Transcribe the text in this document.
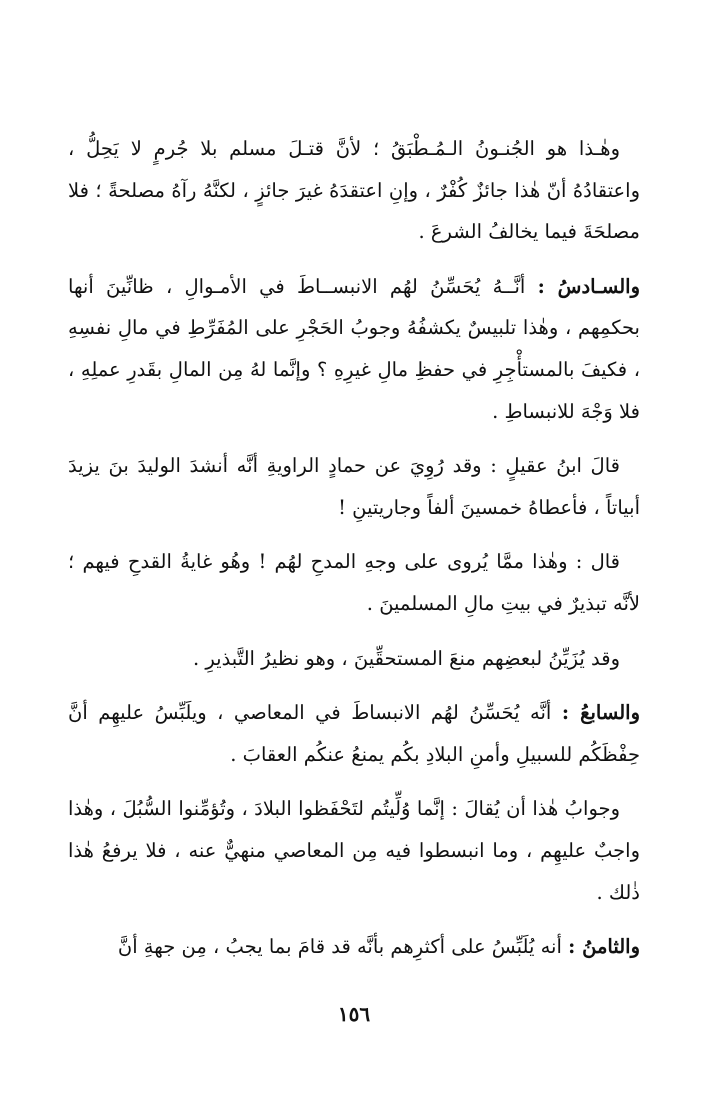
وهٰـذا هو الجُنـونُ الـمُـطْبَقُ ؛ لأنَّ قتـلَ مسلم بلا جُرمٍ لا يَحِلُّ ، واعتقادُهُ أنّ هٰذا جائزٌ كُفْرٌ ، وإنِ اعتقدَهُ غيرَ جائزٍ ، لكنَّهُ رآهُ مصلحةً ؛ فلا مصلحَةَ فيما يخالفُ الشرعَ .

والسـادسُ : أنَّــهُ يُحَسِّنُ لهُم الانبســاطَ في الأمـوالِ ، ظانِّينَ أنها بحكمِهم ، وهٰذا تلبيسٌ يكشفُهُ وجوبُ الحَجْرِ على المُفَرِّطِ في مالِ نفسِهِ ، فكيفَ بالمستأْجِرِ في حفظِ مالِ غيرِهِ ؟ وإنَّما لهُ مِن المالِ بقَدرِ عملِهِ ، فلا وَجْهَ للانبساطِ .

قالَ ابنُ عقيلٍ : وقد رُوِيَ عن حمادٍ الراويةِ أنَّه أنشدَ الوليدَ بنَ يزيدَ أبياتاً ، فأعطاهُ خمسينَ ألفاً وجاريتينِ !

قال : وهٰذا ممَّا يُروى على وجهِ المدحِ لهُم ! وهُو غايةُ القدحِ فيهم ؛ لأنَّه تبذيرٌ في بيتِ مالِ المسلمينَ .

وقد يُزَيِّنُ لبعضِهم منعَ المستحقِّينَ ، وهو نظيرُ التَّبذيرِ .

والسابعُ : أنَّه يُحَسِّنُ لهُم الانبساطَ في المعاصي ، ويلَبِّسُ عليهِم أنَّ حِفْظَكُم للسبيلِ وأمنِ البلادِ بكُم يمنعُ عنكُم العقابَ .

وجوابُ هٰذا أن يُقالَ : إنَّما وُلِّيتُم لتَحْفَظوا البلادَ ، وتُؤمِّنوا السُّبُلَ ، وهٰذا واجبٌ عليهِم ، وما انبسطوا فيه مِن المعاصي منهيٌّ عنه ، فلا يرفعُ هٰذا ذٰلك .

والثامنُ : أنه يُلَبِّسُ على أكثرِهم بأنَّه قد قامَ بما يجبُ ، مِن جهةِ أنَّ

١٥٦
